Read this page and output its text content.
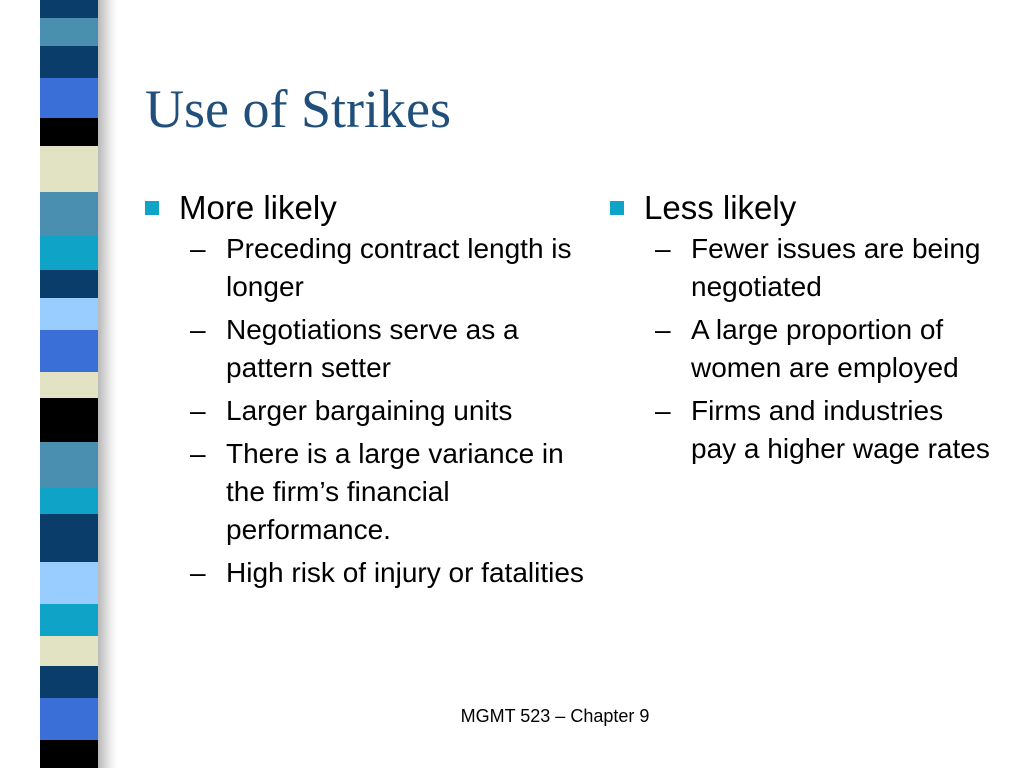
Use of Strikes
More likely
– Preceding contract length is longer
– Negotiations serve as a pattern setter
– Larger bargaining units
– There is a large variance in the firm’s financial performance.
– High risk of injury or fatalities
Less likely
– Fewer issues are being negotiated
– A large proportion of women are employed
– Firms and industries pay a higher wage rates
MGMT 523 – Chapter 9
